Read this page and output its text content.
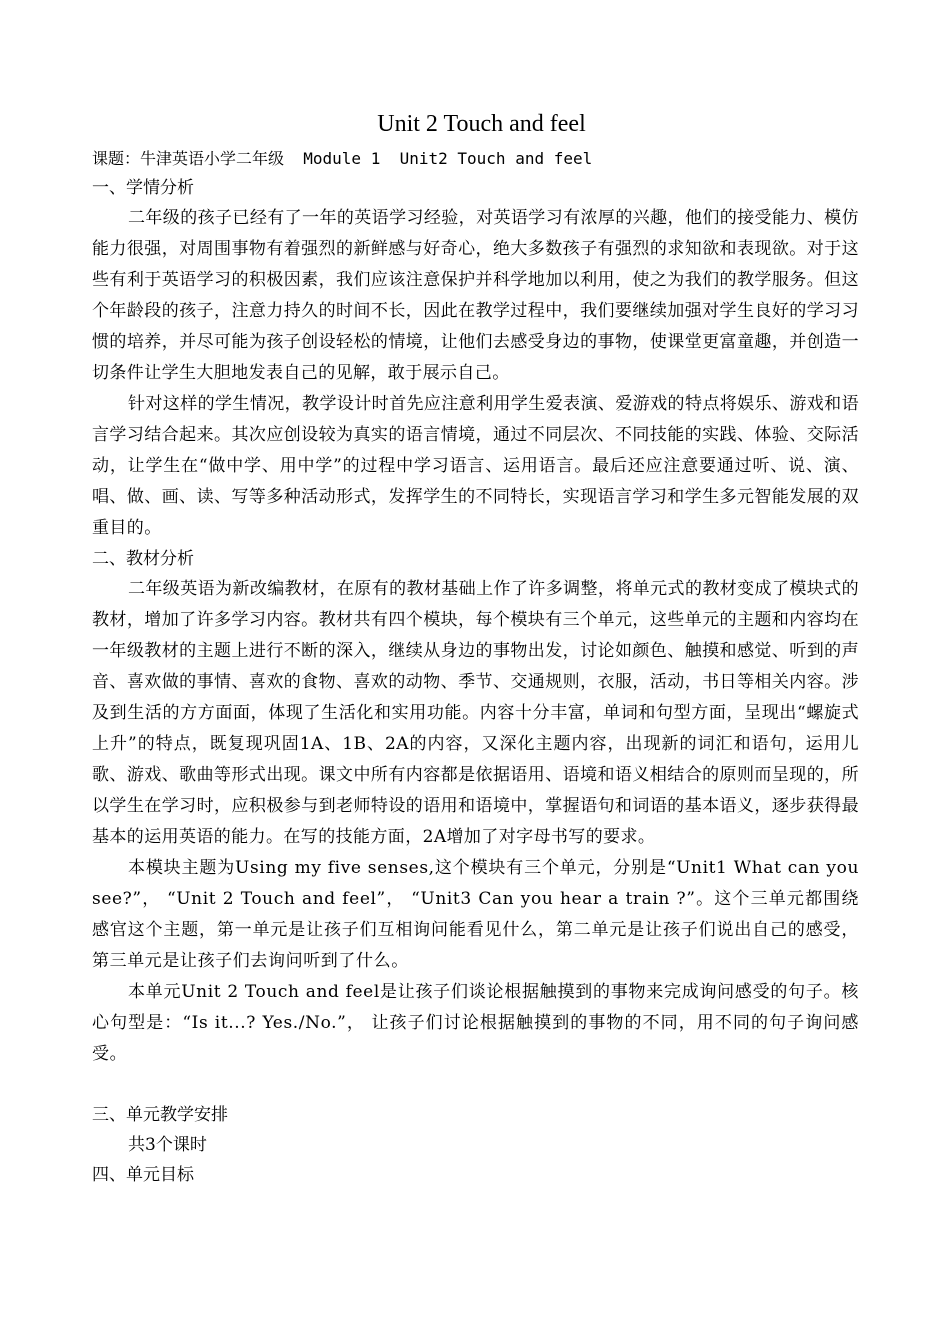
Unit 2 Touch and feel

课题：牛津英语小学二年级  Module 1  Unit2 Touch and feel

一、学情分析

二年级的孩子已经有了一年的英语学习经验，对英语学习有浓厚的兴趣，他们的接受能力、模仿能力很强，对周围事物有着强烈的新鲜感与好奇心，绝大多数孩子有强烈的求知欲和表现欲。对于这些有利于英语学习的积极因素，我们应该注意保护并科学地加以利用，使之为我们的教学服务。但这个年龄段的孩子，注意力持久的时间不长，因此在教学过程中，我们要继续加强对学生良好的学习习惯的培养，并尽可能为孩子创设轻松的情境，让他们去感受身边的事物，使课堂更富童趣，并创造一切条件让学生大胆地发表自己的见解，敢于展示自己。

针对这样的学生情况，教学设计时首先应注意利用学生爱表演、爱游戏的特点将娱乐、游戏和语言学习结合起来。其次应创设较为真实的语言情境，通过不同层次、不同技能的实践、体验、交际活动，让学生在“做中学、用中学”的过程中学习语言、运用语言。最后还应注意要通过听、说、演、唱、做、画、读、写等多种活动形式，发挥学生的不同特长，实现语言学习和学生多元智能发展的双重目的。

二、教材分析

二年级英语为新改编教材，在原有的教材基础上作了许多调整，将单元式的教材变成了模块式的教材，增加了许多学习内容。教材共有四个模块，每个模块有三个单元，这些单元的主题和内容均在一年级教材的主题上进行不断的深入，继续从身边的事物出发，讨论如颜色、触摸和感觉、听到的声音、喜欢做的事情、喜欢的食物、喜欢的动物、季节、交通规则，衣服，活动，书日等相关内容。涉及到生活的方方面面，体现了生活化和实用功能。内容十分丰富，单词和句型方面，呈现出“螺旋式上升”的特点，既复现巩固1A、1B、2A的内容，又深化主题内容，出现新的词汇和语句，运用儿歌、游戏、歌曲等形式出现。课文中所有内容都是依据语用、语境和语义相结合的原则而呈现的，所以学生在学习时，应积极参与到老师特设的语用和语境中，掌握语句和词语的基本语义，逐步获得最基本的运用英语的能力。在写的技能方面，2A增加了对字母书写的要求。

本模块主题为Using my five senses,这个模块有三个单元，分别是“Unit1 What can you see?”， “Unit 2 Touch and feel”， “Unit3 Can you hear a train ?”。这个三单元都围绕感官这个主题，第一单元是让孩子们互相询问能看见什么，第二单元是让孩子们说出自己的感受，第三单元是让孩子们去询问听到了什么。

本单元Unit 2 Touch and feel是让孩子们谈论根据触摸到的事物来完成询问感受的句子。核心句型是：“Is it...? Yes./No.”， 让孩子们讨论根据触摸到的事物的不同，用不同的句子询问感受。

三、单元教学安排

共3个课时

四、单元目标
